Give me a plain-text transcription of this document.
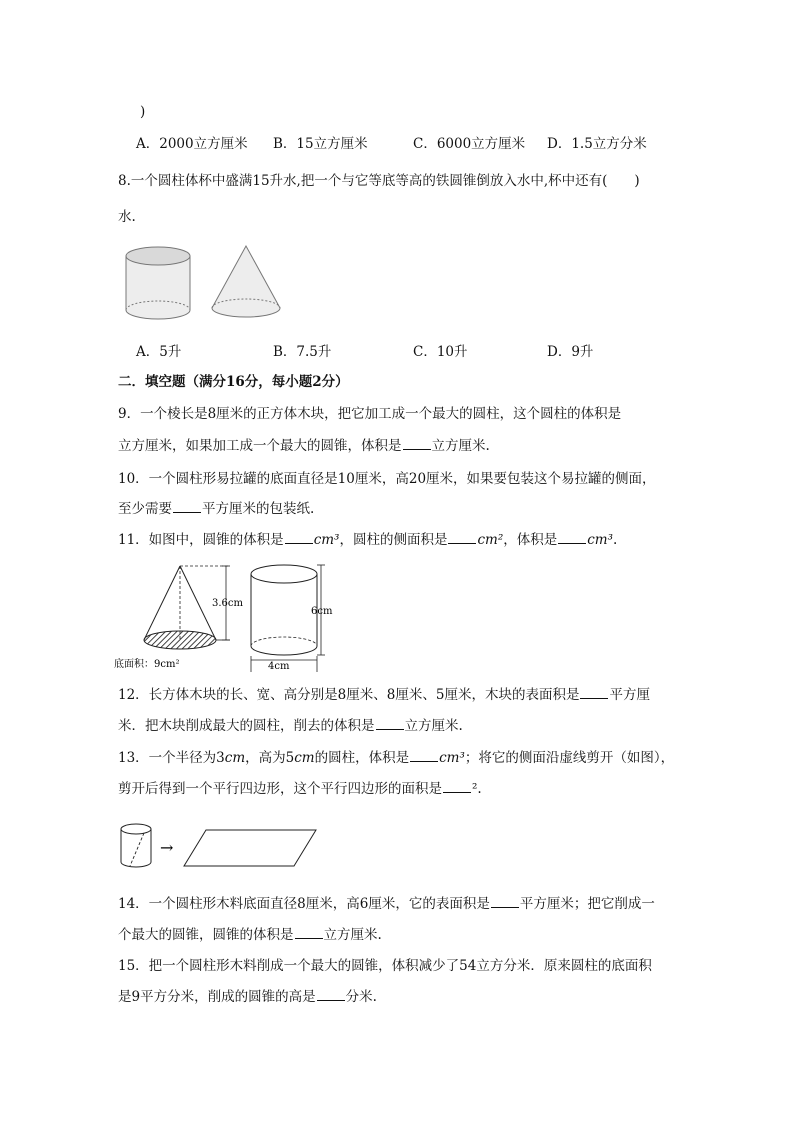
)
A．2000立方厘米 B．15立方厘米	C．6000立方厘米 D．1.5立方分米
8.一个圆柱体杯中盛满15升水,把一个与它等底等高的铁圆锥倒放入水中,杯中还有(　　)
水.
A．5升	B．7.5升	C．10升	D．9升
二．填空题（满分16分，每小题2分）
9．一个棱长是8厘米的正方体木块，把它加工成一个最大的圆柱，这个圆柱的体积是
立方厘米，如果加工成一个最大的圆锥，体积是 立方厘米.
10．一个圆柱形易拉罐的底面直径是10厘米，高20厘米，如果要包装这个易拉罐的侧面，
至少需要 平方厘米的包装纸.
11．如图中，圆锥的体积是 cm³，圆柱的侧面积是 cm²，体积是 cm³.
3.6cm
底面积：9cm²
6cm
4cm
12．长方体木块的长、宽、高分别是8厘米、8厘米、5厘米，木块的表面积是 平方厘
米．把木块削成最大的圆柱，削去的体积是 立方厘米.
13．一个半径为3cm，高为5cm的圆柱，体积是 cm³；将它的侧面沿虚线剪开（如图），
剪开后得到一个平行四边形，这个平行四边形的面积是 ².
→
14．一个圆柱形木料底面直径8厘米，高6厘米，它的表面积是 平方厘米；把它削成一
个最大的圆锥，圆锥的体积是 立方厘米.
15．把一个圆柱形木料削成一个最大的圆锥，体积减少了54立方分米．原来圆柱的底面积
是9平方分米，削成的圆锥的高是 分米.
